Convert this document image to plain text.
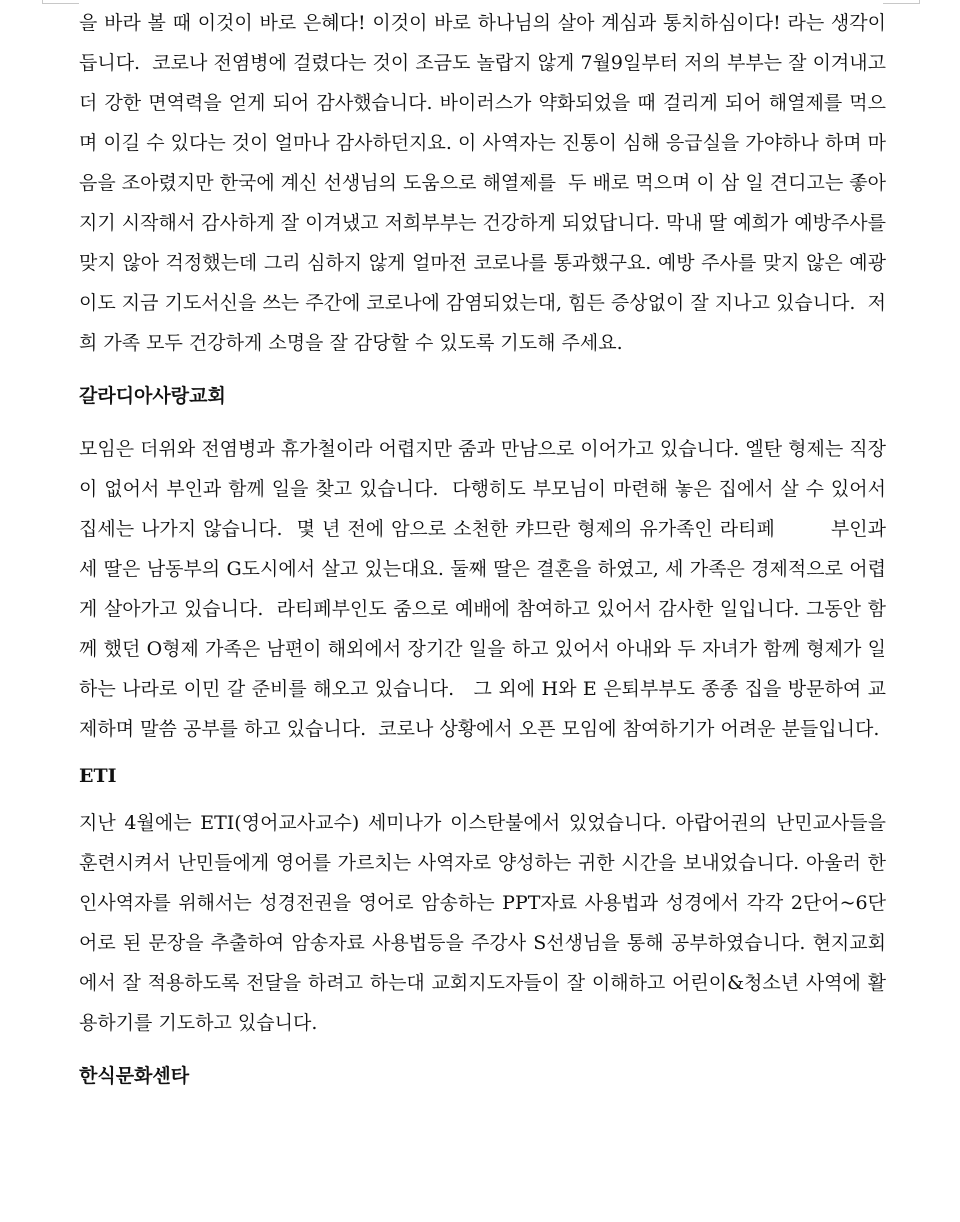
을 바라 볼 때 이것이 바로 은혜다! 이것이 바로 하나님의 살아 계심과 통치하심이다! 라는 생각이 듭니다.  코로나 전염병에 걸렸다는 것이 조금도 놀랍지 않게 7월9일부터 저의 부부는 잘 이겨내고 더 강한 면역력을 얻게 되어 감사했습니다. 바이러스가 약화되었을 때 걸리게 되어 해열제를 먹으며 이길 수 있다는 것이 얼마나 감사하던지요. 이 사역자는 진통이 심해 응급실을 가야하나 하며 마음을 조아렸지만 한국에 계신 선생님의 도움으로 해열제를  두 배로 먹으며 이 삼 일 견디고는 좋아지기 시작해서 감사하게 잘 이겨냈고 저희부부는 건강하게 되었답니다. 막내 딸 예희가 예방주사를 맞지 않아 걱정했는데 그리 심하지 않게 얼마전 코로나를 통과했구요. 예방 주사를 맞지 않은 예광이도 지금 기도서신을 쓰는 주간에 코로나에 감염되었는대, 힘든 증상없이 잘 지나고 있습니다.  저희 가족 모두 건강하게 소명을 잘 감당할 수 있도록 기도해 주세요.

갈라디아사랑교회

모임은 더위와 전염병과 휴가철이라 어렵지만 줌과 만남으로 이어가고 있습니다. 엘탄 형제는 직장이 없어서 부인과 함께 일을 찾고 있습니다.  다행히도 부모님이 마련해 놓은 집에서 살 수 있어서 집세는 나가지 않습니다.  몇 년 전에 암으로 소천한 캬므란 형제의 유가족인 라티페        부인과 세 딸은 남동부의 G도시에서 살고 있는대요. 둘째 딸은 결혼을 하였고, 세 가족은 경제적으로 어렵게 살아가고 있습니다.  라티페부인도 줌으로 예배에 참여하고 있어서 감사한 일입니다. 그동안 함께 했던 O형제 가족은 남편이 해외에서 장기간 일을 하고 있어서 아내와 두 자녀가 함께 형제가 일하는 나라로 이민 갈 준비를 해오고 있습니다.   그 외에 H와 E 은퇴부부도 종종 집을 방문하여 교제하며 말씀 공부를 하고 있습니다.  코로나 상황에서 오픈 모임에 참여하기가 어려운 분들입니다.

ETI

지난 4월에는 ETI(영어교사교수) 세미나가 이스탄불에서 있었습니다. 아랍어권의 난민교사들을 훈련시켜서 난민들에게 영어를 가르치는 사역자로 양성하는 귀한 시간을 보내었습니다. 아울러 한인사역자를 위해서는 성경전권을 영어로 암송하는 PPT자료 사용법과 성경에서 각각 2단어~6단어로 된 문장을 추출하여 암송자료 사용법등을 주강사 S선생님을 통해 공부하였습니다. 현지교회에서 잘 적용하도록 전달을 하려고 하는대 교회지도자들이 잘 이해하고 어린이&청소년 사역에 활용하기를 기도하고 있습니다.

한식문화센타
